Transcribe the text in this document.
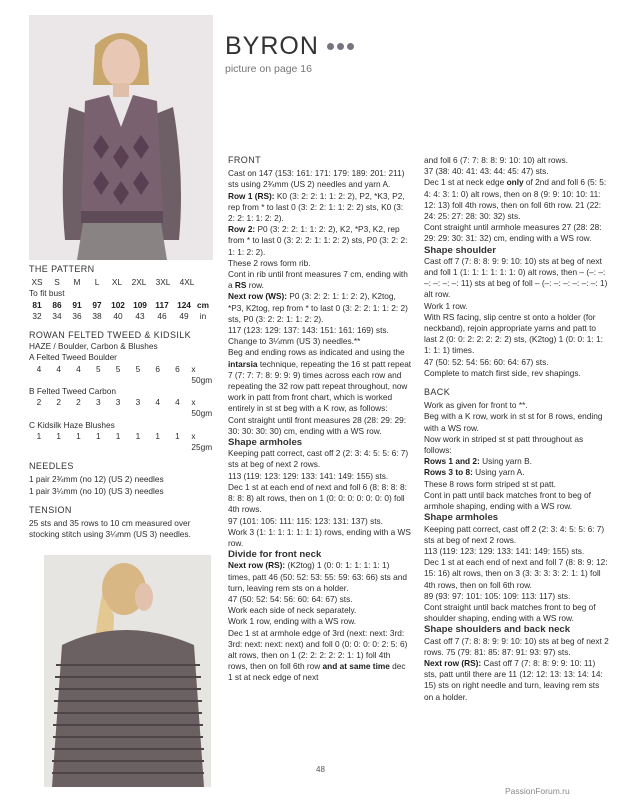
BYRON
picture on page 16
THE PATTERN
XS	S	M	L	XL	2XL	3XL	4XL

To fit bust

81	86	91	97	102 109	117	124 cm
32	34	36	38	40	43	46	49	in
ROWAN FELTED TWEED & KIDSILK

HAZE / Boulder, Carbon & Blushes

A Felted Tweed Boulder

4	4	4	5	5	5	6	6	x 50gm

B Felted Tweed Carbon

2	2	2	3	3	3	4	4	x 50gm

C Kidsilk Haze Blushes

1	1	1	1	1	1	1	1	x 25gm
NEEDLES

1 pair 2¾mm (no 12) (US 2) needles

1 pair 3¼mm (no 10) (US 3) needles

TENSION

25 sts and 35 rows to 10 cm measured over stocking stitch using 3¼mm (US 3) needles.

FRONT

Cast on 147 (153: 161: 171: 179: 189: 201: 211) sts using 2¾mm (US 2) needles and yarn A.

Row 1 (RS): K0 (3: 2: 2: 1: 1: 2: 2), P2, *K3, P2, rep from * to last 0 (3: 2: 2: 1: 1: 2: 2) sts, K0 (3: 2: 2: 1: 1: 2: 2).

Row 2: P0 (3: 2: 2: 1: 1: 2: 2), K2, *P3, K2, rep from * to last 0 (3: 2: 2: 1: 1: 2: 2) sts, P0 (3: 2: 2: 1: 1: 2: 2).

These 2 rows form rib.

Cont in rib until front measures 7 cm, ending with a RS row.

Next row (WS): P0 (3: 2: 2: 1: 1: 2: 2), K2tog, *P3, K2tog, rep from * to last 0 (3: 2: 2: 1: 1: 2: 2) sts, P0 (3: 2: 2: 1: 1: 2: 2).

117 (123: 129: 137: 143: 151: 161: 169) sts.

Change to 3¼mm (US 3) needles.**

Beg and ending rows as indicated and using the intarsia technique, repeating the 16 st patt repeat 7 (7: 7: 7: 8: 9: 9: 9) times across each row and repeating the 32 row patt repeat throughout, now work in patt from front chart, which is worked entirely in st st beg with a K row, as follows:

Cont straight until front measures 28 (28: 29: 29: 30: 30: 30: 30) cm, ending with a WS row.

Shape armholes

Keeping patt correct, cast off 2 (2: 3: 4: 5: 5: 6: 7) sts at beg of next 2 rows.

113 (119: 123: 129: 133: 141: 149: 155) sts.

Dec 1 st at each end of next and foll 6 (8: 8: 8: 8: 8: 8: 8) alt rows, then on 1 (0: 0: 0: 0: 0: 0: 0) foll 4th rows.

97 (101: 105: 111: 115: 123: 131: 137) sts.

Work 3 (1: 1: 1: 1: 1: 1: 1) rows, ending with a WS row.

Divide for front neck

Next row (RS): (K2tog) 1 (0: 0: 1: 1: 1: 1: 1) times, patt 46 (50: 52: 53: 55: 59: 63: 66) sts and turn, leaving rem sts on a holder.

47 (50: 52: 54: 56: 60: 64: 67) sts.

Work each side of neck separately.

Work 1 row, ending with a WS row.

Dec 1 st at armhole edge of 3rd (next: next: 3rd: 3rd: next: next: next) and foll 0 (0: 0: 0: 0: 2: 5: 6) alt rows, then on 1 (2: 2: 2: 2: 2: 1: 1) foll 4th rows, then on foll 6th row and at same time dec 1 st at neck edge of next

and foll 6 (7: 7: 8: 8: 9: 10: 10) alt rows.

37 (38: 40: 41: 43: 44: 45: 47) sts.

Dec 1 st at neck edge only of 2nd and foll 6 (5: 5: 4: 4: 3: 1: 0) alt rows, then on 8 (9: 9: 10: 10: 11: 12: 13) foll 4th rows, then on foll 6th row. 21 (22: 24: 25: 27: 28: 30: 32) sts.

Cont straight until armhole measures 27 (28: 28: 29: 29: 30: 31: 32) cm, ending with a WS row.

Shape shoulder

Cast off 7 (7: 8: 8: 9: 9: 10: 10) sts at beg of next and foll 1 (1: 1: 1: 1: 1: 1: 0) alt rows, then – (–: –: –: –: –: –: 11) sts at beg of foll – (–: –: –: –: –: –: 1) alt row.

Work 1 row.

With RS facing, slip centre st onto a holder (for neckband), rejoin appropriate yarns and patt to last 2 (0: 0: 2: 2: 2: 2: 2) sts, (K2tog) 1 (0: 0: 1: 1: 1: 1: 1) times.

47 (50: 52: 54: 56: 60: 64: 67) sts.

Complete to match first side, rev shapings.

BACK

Work as given for front to **.

Beg with a K row, work in st st for 8 rows, ending with a WS row.

Now work in striped st st patt throughout as follows:

Rows 1 and 2: Using yarn B.

Rows 3 to 8: Using yarn A.

These 8 rows form striped st st patt.

Cont in patt until back matches front to beg of armhole shaping, ending with a WS row.

Shape armholes

Keeping patt correct, cast off 2 (2: 3: 4: 5: 5: 6: 7) sts at beg of next 2 rows.

113 (119: 123: 129: 133: 141: 149: 155) sts.

Dec 1 st at each end of next and foll 7 (8: 8: 9: 12: 15: 16) alt rows, then on 3 (3: 3: 3: 3: 2: 1: 1) foll 4th rows, then on foll 6th row.

89 (93: 97: 101: 105: 109: 113: 117) sts.

Cont straight until back matches front to beg of shoulder shaping, ending with a WS row.

Shape shoulders and back neck

Cast off 7 (7: 8: 8: 9: 9: 10: 10) sts at beg of next 2 rows. 75 (79: 81: 85: 87: 91: 93: 97) sts.

Next row (RS): Cast off 7 (7: 8: 8: 9: 9: 10: 11) sts, patt until there are 11 (12: 12: 13: 13: 14: 14: 15) sts on right needle and turn, leaving rem sts on a holder.

48
PassionForum.ru
